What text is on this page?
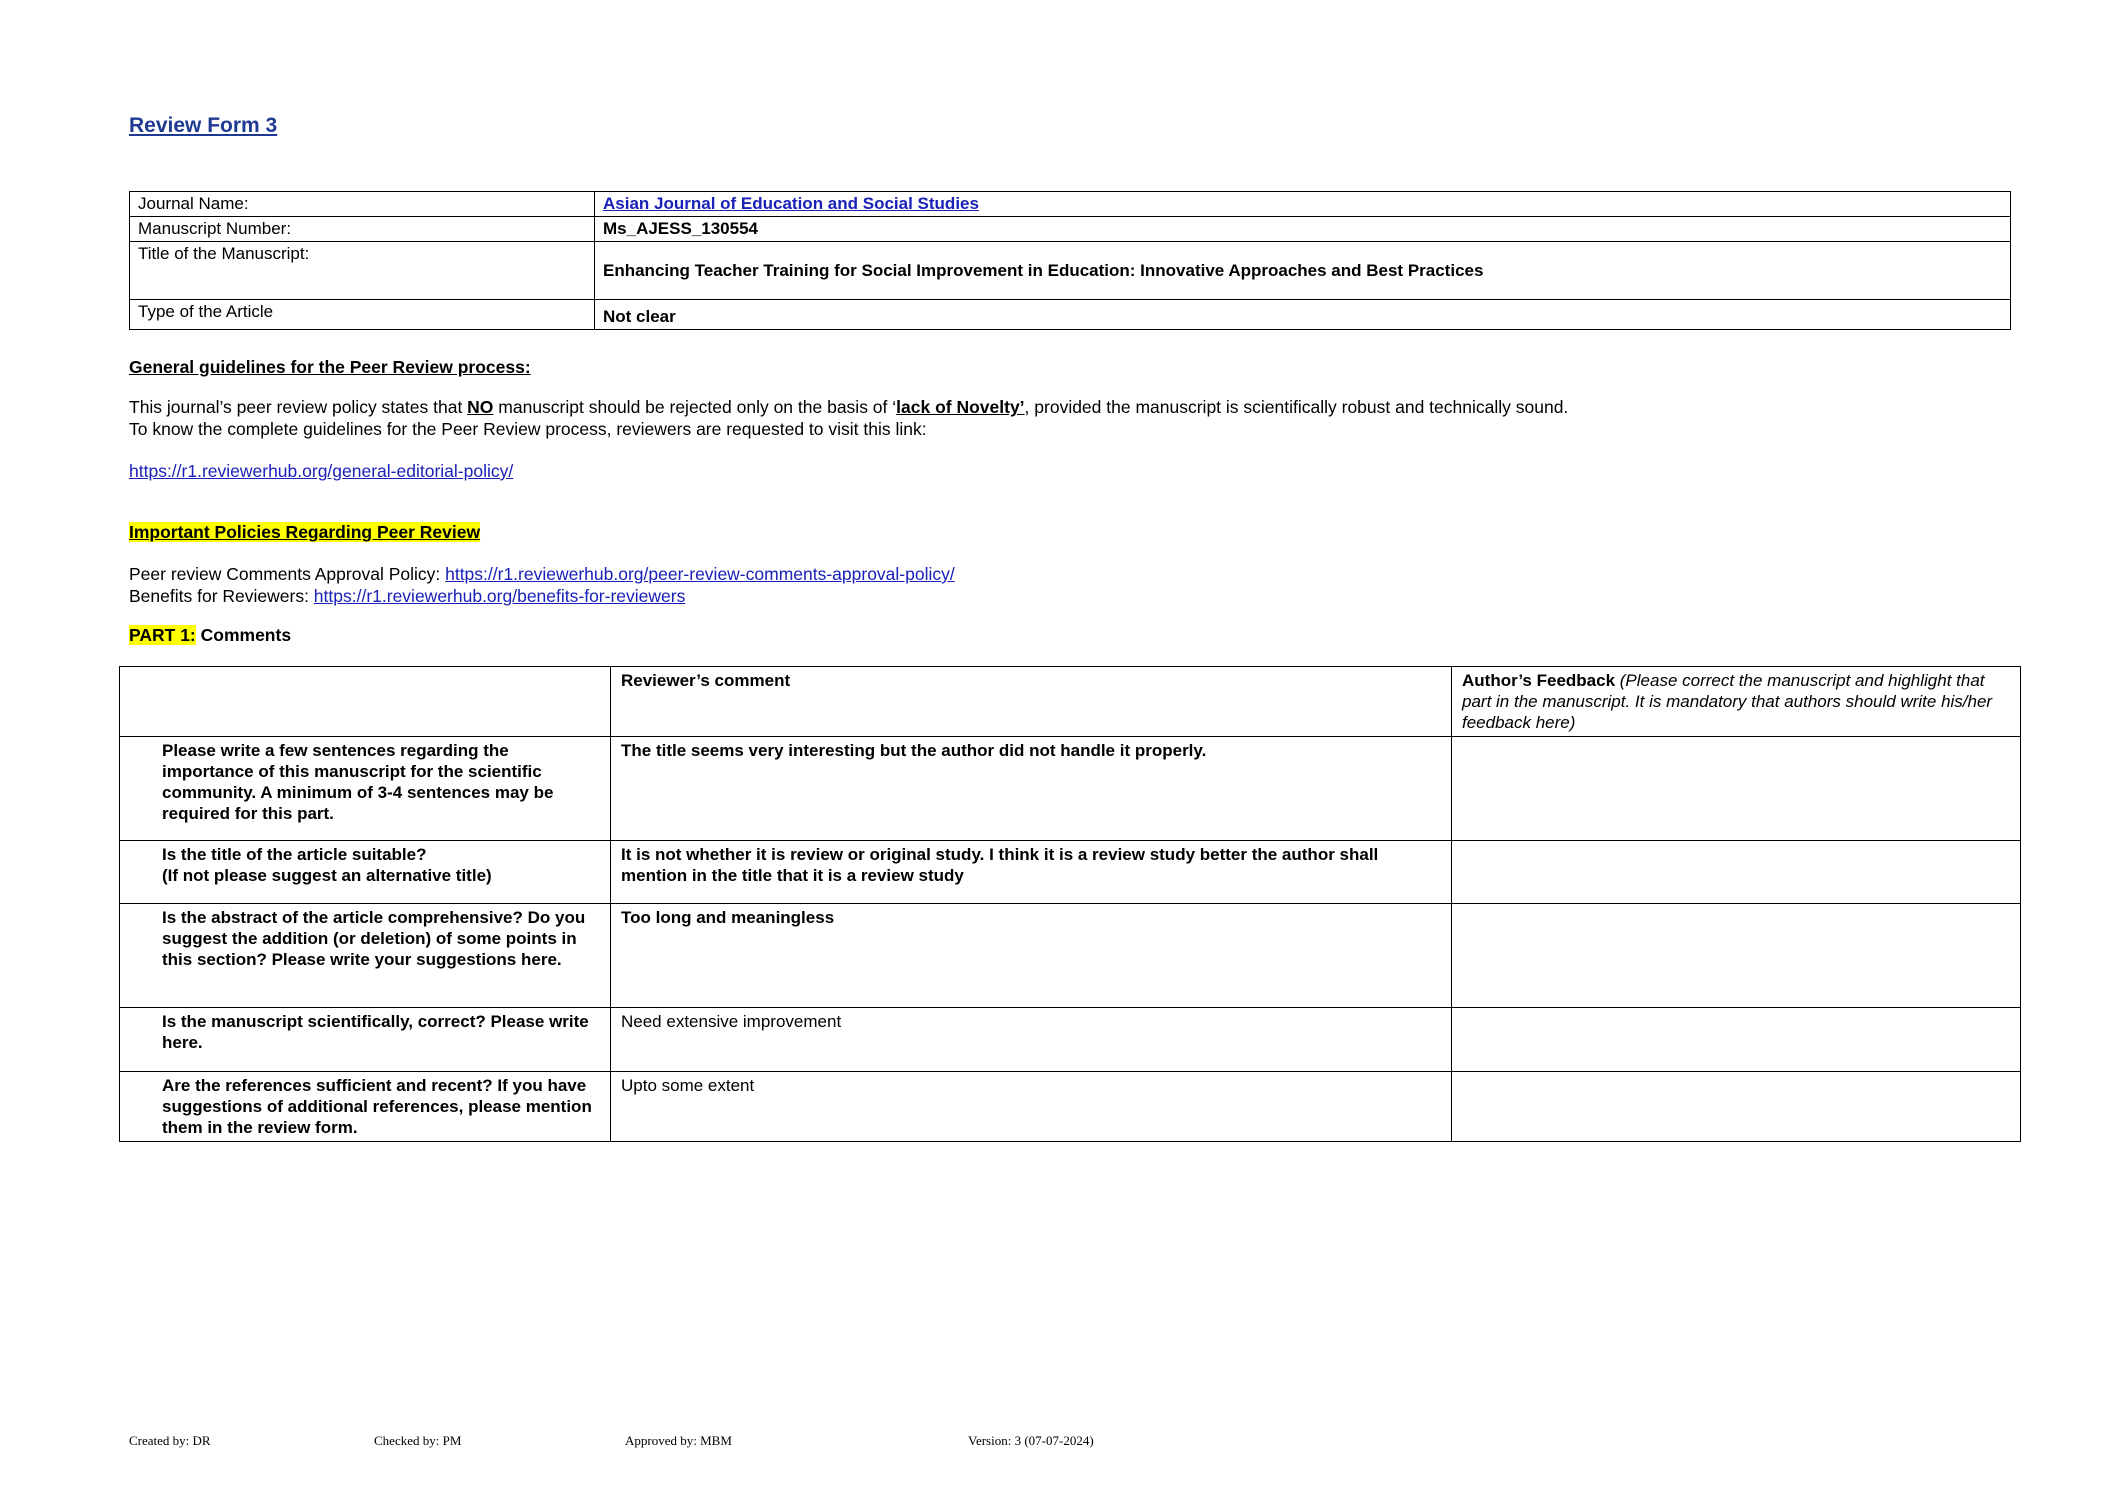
Review Form 3
Journal Name:	Asian Journal of Education and Social Studies
Manuscript Number:	Ms_AJESS_130554
Title of the Manuscript:	Enhancing Teacher Training for Social Improvement in Education: Innovative Approaches and Best Practices
Type of the Article	Not clear
General guidelines for the Peer Review process:
This journal’s peer review policy states that NO manuscript should be rejected only on the basis of ‘lack of Novelty’, provided the manuscript is scientifically robust and technically sound.
To know the complete guidelines for the Peer Review process, reviewers are requested to visit this link:
https://r1.reviewerhub.org/general-editorial-policy/
Important Policies Regarding Peer Review
Peer review Comments Approval Policy: https://r1.reviewerhub.org/peer-review-comments-approval-policy/
Benefits for Reviewers: https://r1.reviewerhub.org/benefits-for-reviewers
PART 1: Comments
	Reviewer’s comment	Author’s Feedback (Please correct the manuscript and highlight that part in the manuscript. It is mandatory that authors should write his/her feedback here)
Please write a few sentences regarding the importance of this manuscript for the scientific community. A minimum of 3-4 sentences may be required for this part.	The title seems very interesting but the author did not handle it properly.	
Is the title of the article suitable?
(If not please suggest an alternative title)	It is not whether it is review or original study. I think it is a review study better the author shall mention in the title that it is a review study	
Is the abstract of the article comprehensive? Do you suggest the addition (or deletion) of some points in this section? Please write your suggestions here.	Too long and meaningless	
Is the manuscript scientifically, correct? Please write here.	Need extensive improvement	
Are the references sufficient and recent? If you have suggestions of additional references, please mention them in the review form.	Upto some extent	
Created by: DR	Checked by: PM	Approved by: MBM	Version: 3 (07-07-2024)
